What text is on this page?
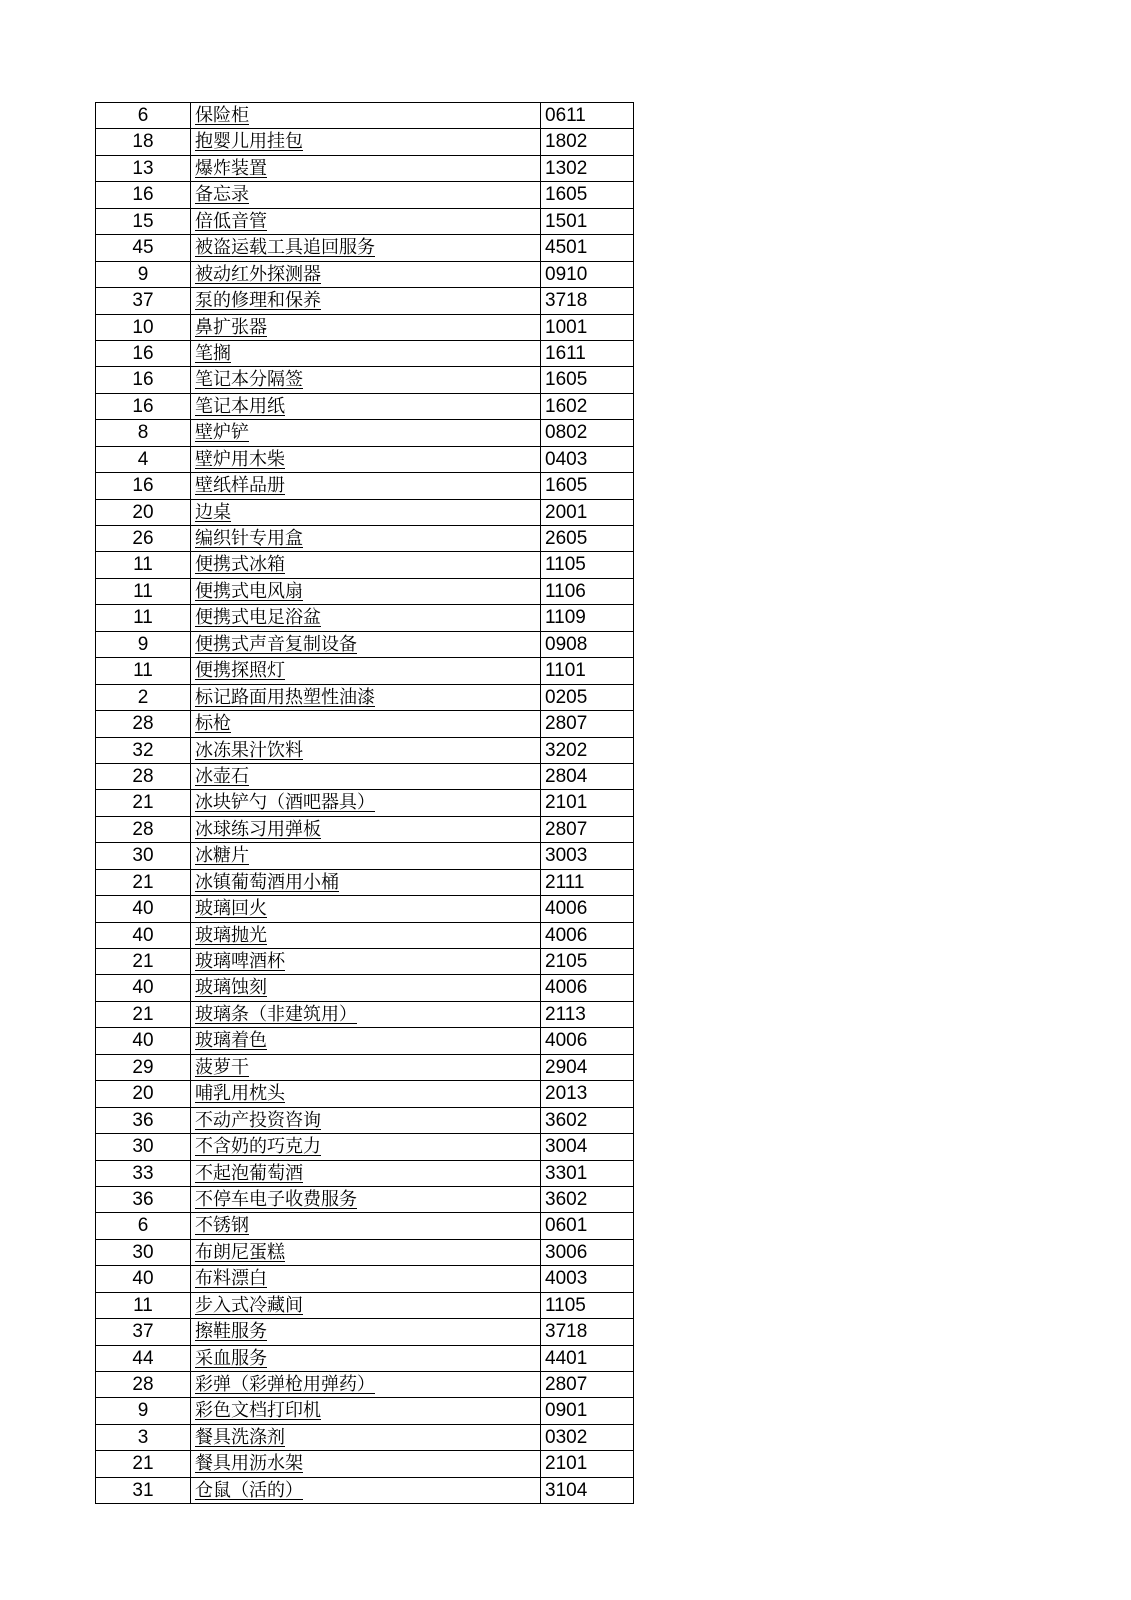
6	保险柜	0611
18	抱婴儿用挂包	1802
13	爆炸装置	1302
16	备忘录	1605
15	倍低音管	1501
45	被盗运载工具追回服务	4501
9	被动红外探测器	0910
37	泵的修理和保养	3718
10	鼻扩张器	1001
16	笔搁	1611
16	笔记本分隔签	1605
16	笔记本用纸	1602
8	壁炉铲	0802
4	壁炉用木柴	0403
16	壁纸样品册	1605
20	边桌	2001
26	编织针专用盒	2605
11	便携式冰箱	1105
11	便携式电风扇	1106
11	便携式电足浴盆	1109
9	便携式声音复制设备	0908
11	便携探照灯	1101
2	标记路面用热塑性油漆	0205
28	标枪	2807
32	冰冻果汁饮料	3202
28	冰壶石	2804
21	冰块铲勺（酒吧器具）	2101
28	冰球练习用弹板	2807
30	冰糖片	3003
21	冰镇葡萄酒用小桶	2111
40	玻璃回火	4006
40	玻璃抛光	4006
21	玻璃啤酒杯	2105
40	玻璃蚀刻	4006
21	玻璃条（非建筑用）	2113
40	玻璃着色	4006
29	菠萝干	2904
20	哺乳用枕头	2013
36	不动产投资咨询	3602
30	不含奶的巧克力	3004
33	不起泡葡萄酒	3301
36	不停车电子收费服务	3602
6	不锈钢	0601
30	布朗尼蛋糕	3006
40	布料漂白	4003
11	步入式冷藏间	1105
37	擦鞋服务	3718
44	采血服务	4401
28	彩弹（彩弹枪用弹药）	2807
9	彩色文档打印机	0901
3	餐具洗涤剂	0302
21	餐具用沥水架	2101
31	仓鼠（活的）	3104
